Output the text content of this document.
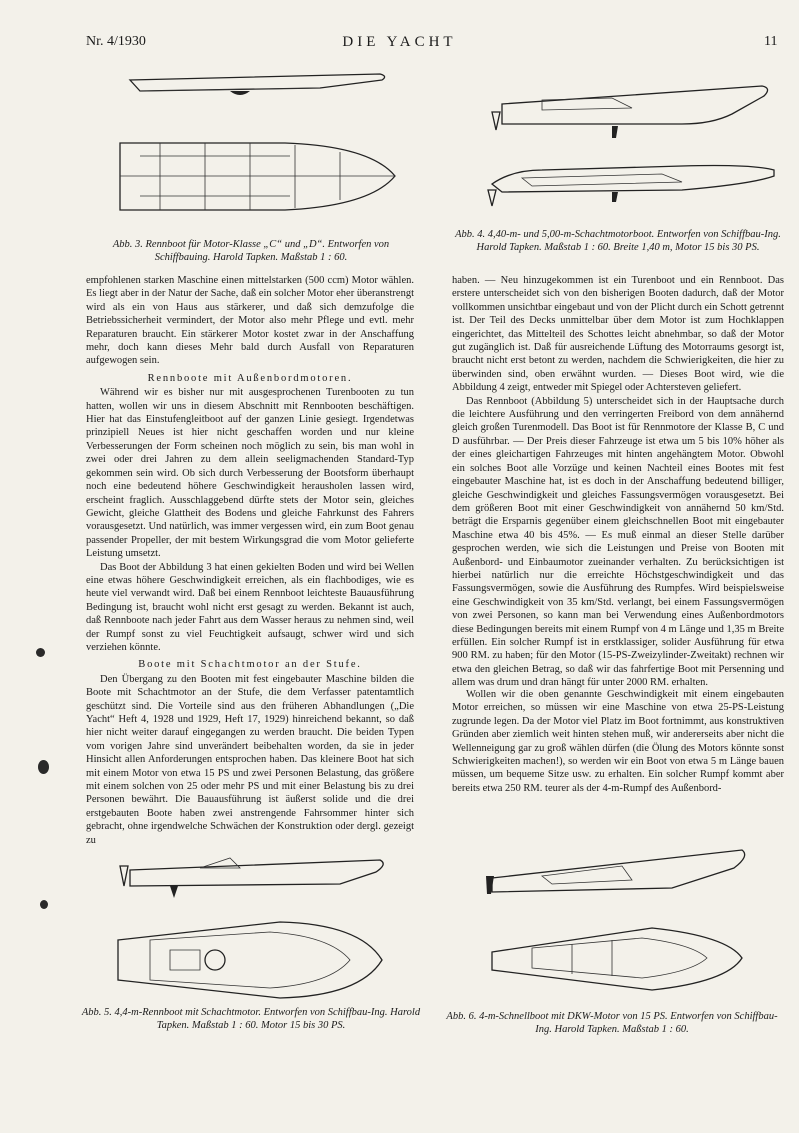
Nr. 4/1930	DIE YACHT	11
Abb. 3. Rennboot für Motor-Klasse „C“ und „D“. Entworfen von Schiffbauing. Harold Tapken. Maßstab 1 : 60.
Abb. 4. 4,40-m- und 5,00-m-Schachtmotorboot. Entworfen von Schiffbau-Ing. Harold Tapken. Maßstab 1 : 60. Breite 1,40 m, Motor 15 bis 30 PS.

empfohlenen starken Maschine einen mittelstarken (500 ccm) Motor wählen. Es liegt aber in der Natur der Sache, daß ein solcher Motor eher überanstrengt wird als ein von Haus aus stärkerer, und daß sich demzufolge die Betriebssicherheit vermindert, der Motor also mehr Pflege und evtl. mehr Reparaturen braucht. Ein stärkerer Motor kostet zwar in der Anschaffung mehr, doch kann dieses Mehr bald durch Ausfall von Reparaturen aufgewogen sein.

Rennboote mit Außenbordmotoren.

Während wir es bisher nur mit ausgesprochenen Turenbooten zu tun hatten, wollen wir uns in diesem Abschnitt mit Rennbooten beschäftigen. Hier hat das Einstufengleitboot auf der ganzen Linie gesiegt. Irgendetwas prinzipiell Neues ist hier nicht geschaffen worden und nur kleine Verbesserungen der Form scheinen noch möglich zu sein, bis man wohl in zwei oder drei Jahren zu dem allein seeligmachenden Standard-Typ gekommen sein wird. Ob sich durch Verbesserung der Bootsform überhaupt noch eine bedeutend höhere Geschwindigkeit herausholen lassen wird, erscheint fraglich. Ausschlaggebend dürfte stets der Motor sein, gleiches Gewicht, gleiche Glattheit des Bodens und gleiche Fahrkunst des Fahrers vorausgesetzt. Und natürlich, was immer vergessen wird, ein zum Boot genau passender Propeller, der mit bestem Wirkungsgrad die vom Motor gelieferte Leistung umsetzt.

Das Boot der Abbildung 3 hat einen gekielten Boden und wird bei Wellen eine etwas höhere Geschwindigkeit erreichen, als ein flachbodiges, wie es heute viel verwandt wird. Daß bei einem Rennboot leichteste Bauausführung Bedingung ist, braucht wohl nicht erst gesagt zu werden. Bekannt ist auch, daß Rennboote nach jeder Fahrt aus dem Wasser heraus zu nehmen sind, weil der Rumpf sonst zu viel Feuchtigkeit aufsaugt, schwer wird und sich verziehen könnte.

Boote mit Schachtmotor an der Stufe.

Den Übergang zu den Booten mit fest eingebauter Maschine bilden die Boote mit Schachtmotor an der Stufe, die dem Verfasser patentamtlich geschützt sind. Die Vorteile sind aus den früheren Abhandlungen („Die Yacht“ Heft 4, 1928 und 1929, Heft 17, 1929) hinreichend bekannt, so daß hier nicht weiter darauf eingegangen zu werden braucht. Die beiden Typen vom vorigen Jahre sind unverändert beibehalten worden, da sie in jeder Hinsicht allen Anforderungen entsprochen haben. Das kleinere Boot hat sich mit einem Motor von etwa 15 PS und zwei Personen Belastung, das größere mit einem solchen von 25 oder mehr PS und mit einer Belastung bis zu drei Personen bewährt. Die Bauausführung ist äußerst solide und die drei erstgebauten Boote haben zwei anstrengende Fahrsommer hinter sich gebracht, ohne irgendwelche Schwächen der Konstruktion oder dergl. gezeigt zu

haben. — Neu hinzugekommen ist ein Turenboot und ein Rennboot. Das erstere unterscheidet sich von den bisherigen Booten dadurch, daß der Motor vollkommen unsichtbar eingebaut und von der Plicht durch ein Schott getrennt ist. Der Teil des Decks unmittelbar über dem Motor ist zum Hochklappen eingerichtet, das Mittelteil des Schottes leicht abnehmbar, so daß der Motor gut zugänglich ist. Daß für ausreichende Lüftung des Motorraums gesorgt ist, braucht nicht erst betont zu werden, nachdem die Schwierigkeiten, die hier zu überwinden sind, oben erwähnt wurden. — Dieses Boot wird, wie die Abbildung 4 zeigt, entweder mit Spiegel oder Achtersteven geliefert.

Das Rennboot (Abbildung 5) unterscheidet sich in der Hauptsache durch die leichtere Ausführung und den verringerten Freibord von dem annähernd gleich großen Turenmodell. Das Boot ist für Rennmotore der Klasse B, C und D ausführbar. — Der Preis dieser Fahrzeuge ist etwa um 5 bis 10% höher als der eines gleichartigen Fahrzeuges mit hinten angehängtem Motor. Obwohl ein solches Boot alle Vorzüge und keinen Nachteil eines Bootes mit fest eingebauter Maschine hat, ist es doch in der Anschaffung bedeutend billiger, gleiche Geschwindigkeit und gleiches Fassungsvermögen vorausgesetzt. Bei dem größeren Boot mit einer Geschwindigkeit von annähernd 50 km/Std. beträgt die Ersparnis gegenüber einem gleichschnellen Boot mit eingebauter Maschine etwa 40 bis 45%. — Es muß einmal an dieser Stelle darüber gesprochen werden, wie sich die Leistungen und Preise von Booten mit Außenbord- und Einbaumotor zueinander verhalten. Zu berücksichtigen ist hierbei natürlich nur die erreichte Höchstgeschwindigkeit und das Fassungsvermögen, sowie die Ausführung des Rumpfes. Wird beispielsweise eine Geschwindigkeit von 35 km/Std. verlangt, bei einem Fassungsvermögen von zwei Personen, so kann man bei Verwendung eines Außenbordmotors diese Bedingungen bereits mit einem Rumpf von 4 m Länge und 1,35 m Breite erfüllen. Ein solcher Rumpf ist in erstklassiger, solider Ausführung für etwa 900 RM. zu haben; für den Motor (15-PS-Zweizylinder-Zweitakt) rechnen wir etwa den gleichen Betrag, so daß wir das fahrfertige Boot mit Persenning und allem was drum und dran hängt für unter 2000 RM. erhalten.

Wollen wir die oben genannte Geschwindigkeit mit einem eingebauten Motor erreichen, so müssen wir eine Maschine von etwa 25-PS-Leistung zugrunde legen. Da der Motor viel Platz im Boot fortnimmt, aus konstruktiven Gründen aber ziemlich weit hinten stehen muß, wir andererseits aber nicht die Wellenneigung gar zu groß wählen dürfen (die Ölung des Motors könnte sonst Schwierigkeiten machen!), so werden wir ein Boot von etwa 5 m Länge bauen müssen, um bequeme Sitze usw. zu erhalten. Ein solcher Rumpf kommt aber bereits etwa 250 RM. teurer als der 4-m-Rumpf des Außenbord-

Abb. 5. 4,4-m-Rennboot mit Schachtmotor. Entworfen von Schiffbau-Ing. Harold Tapken. Maßstab 1 : 60. Motor 15 bis 30 PS.
Abb. 6. 4-m-Schnellboot mit DKW-Motor von 15 PS. Entworfen von Schiffbau-Ing. Harold Tapken. Maßstab 1 : 60.
